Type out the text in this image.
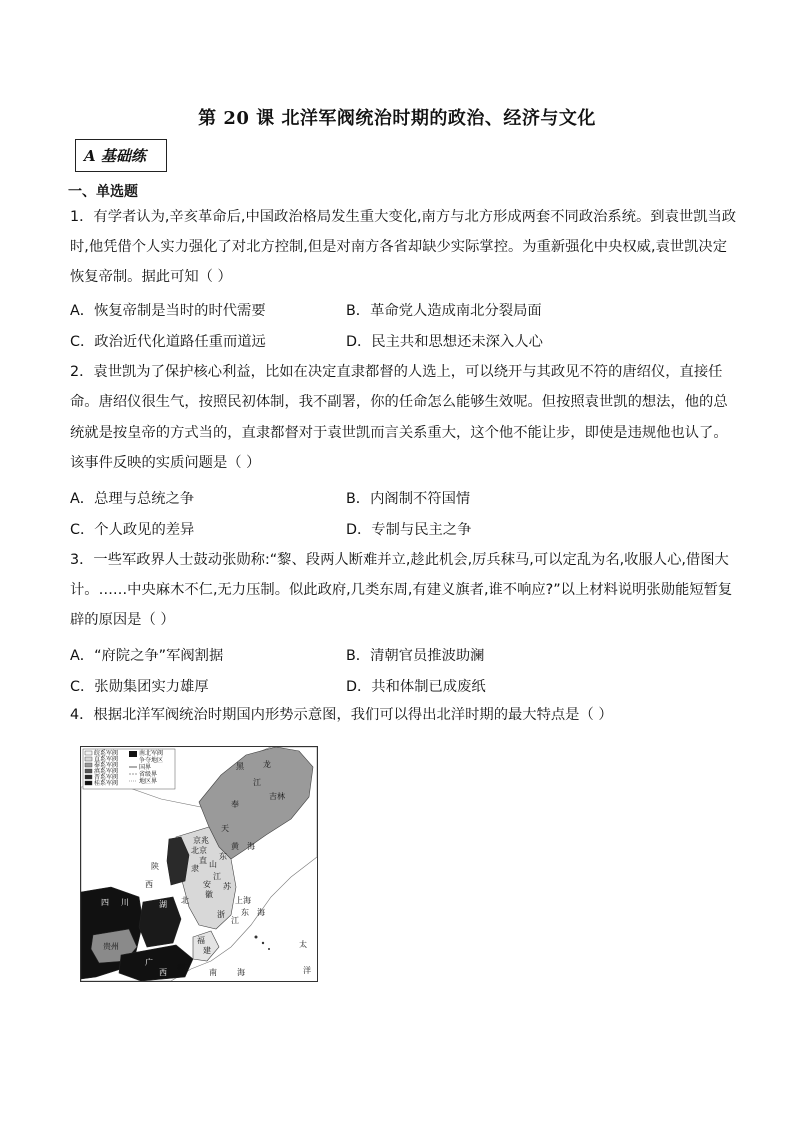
第 20 课 北洋军阀统治时期的政治、经济与文化
A 基础练
一、单选题
1．有学者认为,辛亥革命后,中国政治格局发生重大变化,南方与北方形成两套不同政治系统。到袁世凯当政
时,他凭借个人实力强化了对北方控制,但是对南方各省却缺少实际掌控。为重新强化中央权威,袁世凯决定
恢复帝制。据此可知（ ）
A．恢复帝制是当时的时代需要	B．革命党人造成南北分裂局面
C．政治近代化道路任重而道远	D．民主共和思想还未深入人心
2．袁世凯为了保护核心利益，比如在决定直隶都督的人选上，可以绕开与其政见不符的唐绍仪，直接任
命。唐绍仪很生气，按照民初体制，我不副署，你的任命怎么能够生效呢。但按照袁世凯的想法，他的总
统就是按皇帝的方式当的，直隶都督对于袁世凯而言关系重大，这个他不能让步，即使是违规他也认了。
该事件反映的实质问题是（ ）
A．总理与总统之争	B．内阁制不符国情
C．个人政见的差异	D．专制与民主之争
3．一些军政界人士鼓动张勋称:“黎、段两人断难并立,趁此机会,厉兵秣马,可以定乱为名,收服人心,借图大
计。……中央麻木不仁,无力压制。似此政府,几类东周,有建义旗者,谁不响应?”以上材料说明张勋能短暂复
辟的原因是（ ）
A．“府院之争”军阀割据	B．清朝官员推波助澜
C．张勋集团实力雄厚	D．共和体制已成废纸
4．根据北洋军阀统治时期国内形势示意图，我们可以得出北洋时期的最大特点是（ ）
皖系军阀
直系军阀
奉系军阀
滇系军阀
晋系军阀
桂系军阀
南北军阀
争夺地区
国界
省级界
地区界
黑 龙
江
吉林
奉
天
京兆
北京
直
隶 山
东
陕
西
黄 海
江
苏
安
徽
上海
东 海
四 川	湖 北
浙
江
贵州
福
建
广
西
太
洋
南	海
澳门
